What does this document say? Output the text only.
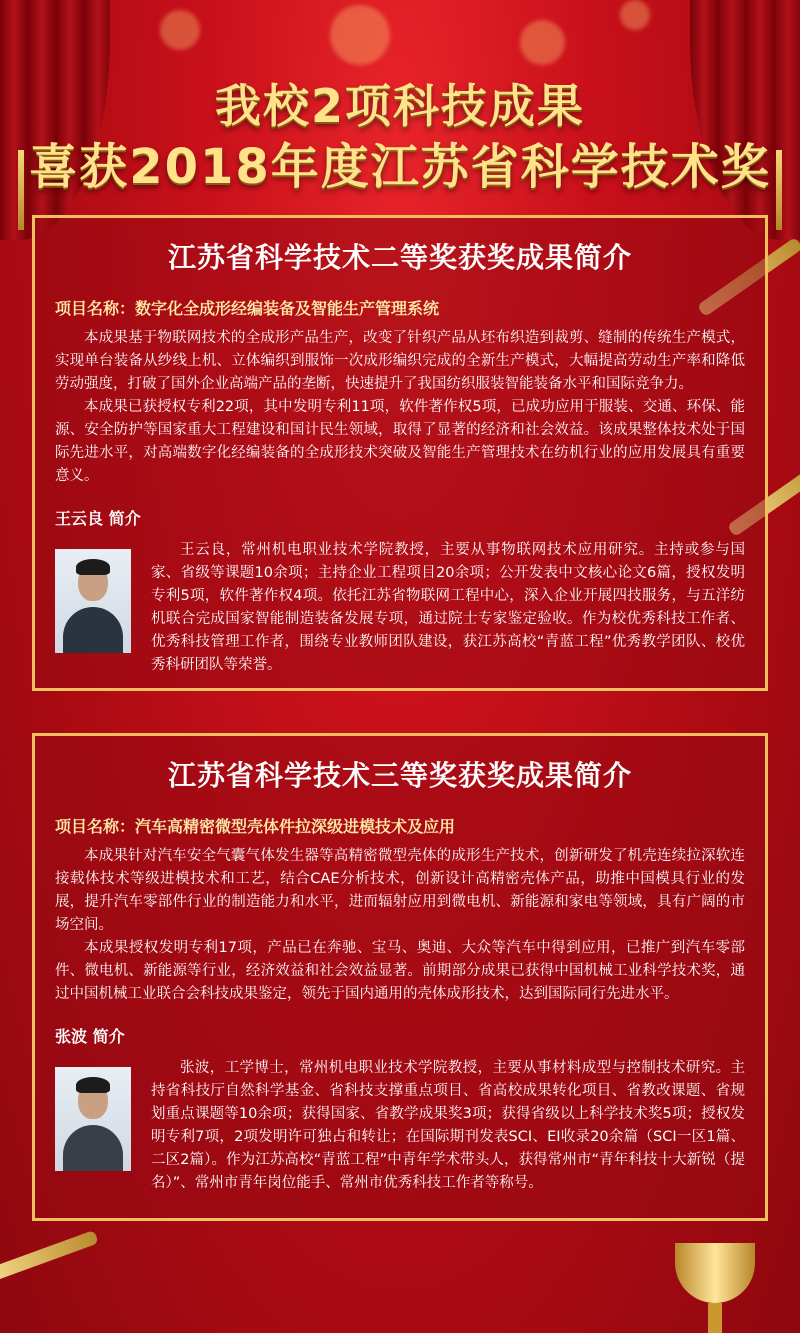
我校2项科技成果
喜获2018年度江苏省科学技术奖
江苏省科学技术二等奖获奖成果简介
项目名称：数字化全成形经编装备及智能生产管理系统
本成果基于物联网技术的全成形产品生产，改变了针织产品从坯布织造到裁剪、缝制的传统生产模式，实现单台装备从纱线上机、立体编织到服饰一次成形编织完成的全新生产模式，大幅提高劳动生产率和降低劳动强度，打破了国外企业高端产品的垄断，快速提升了我国纺织服装智能装备水平和国际竞争力。
本成果已获授权专利22项，其中发明专利11项，软件著作权5项，已成功应用于服装、交通、环保、能源、安全防护等国家重大工程建设和国计民生领域，取得了显著的经济和社会效益。该成果整体技术处于国际先进水平，对高端数字化经编装备的全成形技术突破及智能生产管理技术在纺机行业的应用发展具有重要意义。
王云良 简介
王云良，常州机电职业技术学院教授，主要从事物联网技术应用研究。主持或参与国家、省级等课题10余项；主持企业工程项目20余项；公开发表中文核心论文6篇，授权发明专利5项，软件著作权4项。依托江苏省物联网工程中心，深入企业开展四技服务，与五洋纺机联合完成国家智能制造装备发展专项，通过院士专家鉴定验收。作为校优秀科技工作者、优秀科技管理工作者，围绕专业教师团队建设，获江苏高校“青蓝工程”优秀教学团队、校优秀科研团队等荣誉。
江苏省科学技术三等奖获奖成果简介
项目名称：汽车高精密微型壳体件拉深级进模技术及应用
本成果针对汽车安全气囊气体发生器等高精密微型壳体的成形生产技术，创新研发了机壳连续拉深软连接载体技术等级进模技术和工艺，结合CAE分析技术，创新设计高精密壳体产品，助推中国模具行业的发展，提升汽车零部件行业的制造能力和水平，进而辐射应用到微电机、新能源和家电等领域，具有广阔的市场空间。
本成果授权发明专利17项，产品已在奔驰、宝马、奥迪、大众等汽车中得到应用，已推广到汽车零部件、微电机、新能源等行业，经济效益和社会效益显著。前期部分成果已获得中国机械工业科学技术奖，通过中国机械工业联合会科技成果鉴定，领先于国内通用的壳体成形技术，达到国际同行先进水平。
张波 简介
张波，工学博士，常州机电职业技术学院教授，主要从事材料成型与控制技术研究。主持省科技厅自然科学基金、省科技支撑重点项目、省高校成果转化项目、省教改课题、省规划重点课题等10余项；获得国家、省教学成果奖3项；获得省级以上科学技术奖5项；授权发明专利7项，2项发明许可独占和转让；在国际期刊发表SCI、EI收录20余篇（SCI一区1篇、二区2篇）。作为江苏高校“青蓝工程”中青年学术带头人，获得常州市“青年科技十大新锐（提名）”、常州市青年岗位能手、常州市优秀科技工作者等称号。
